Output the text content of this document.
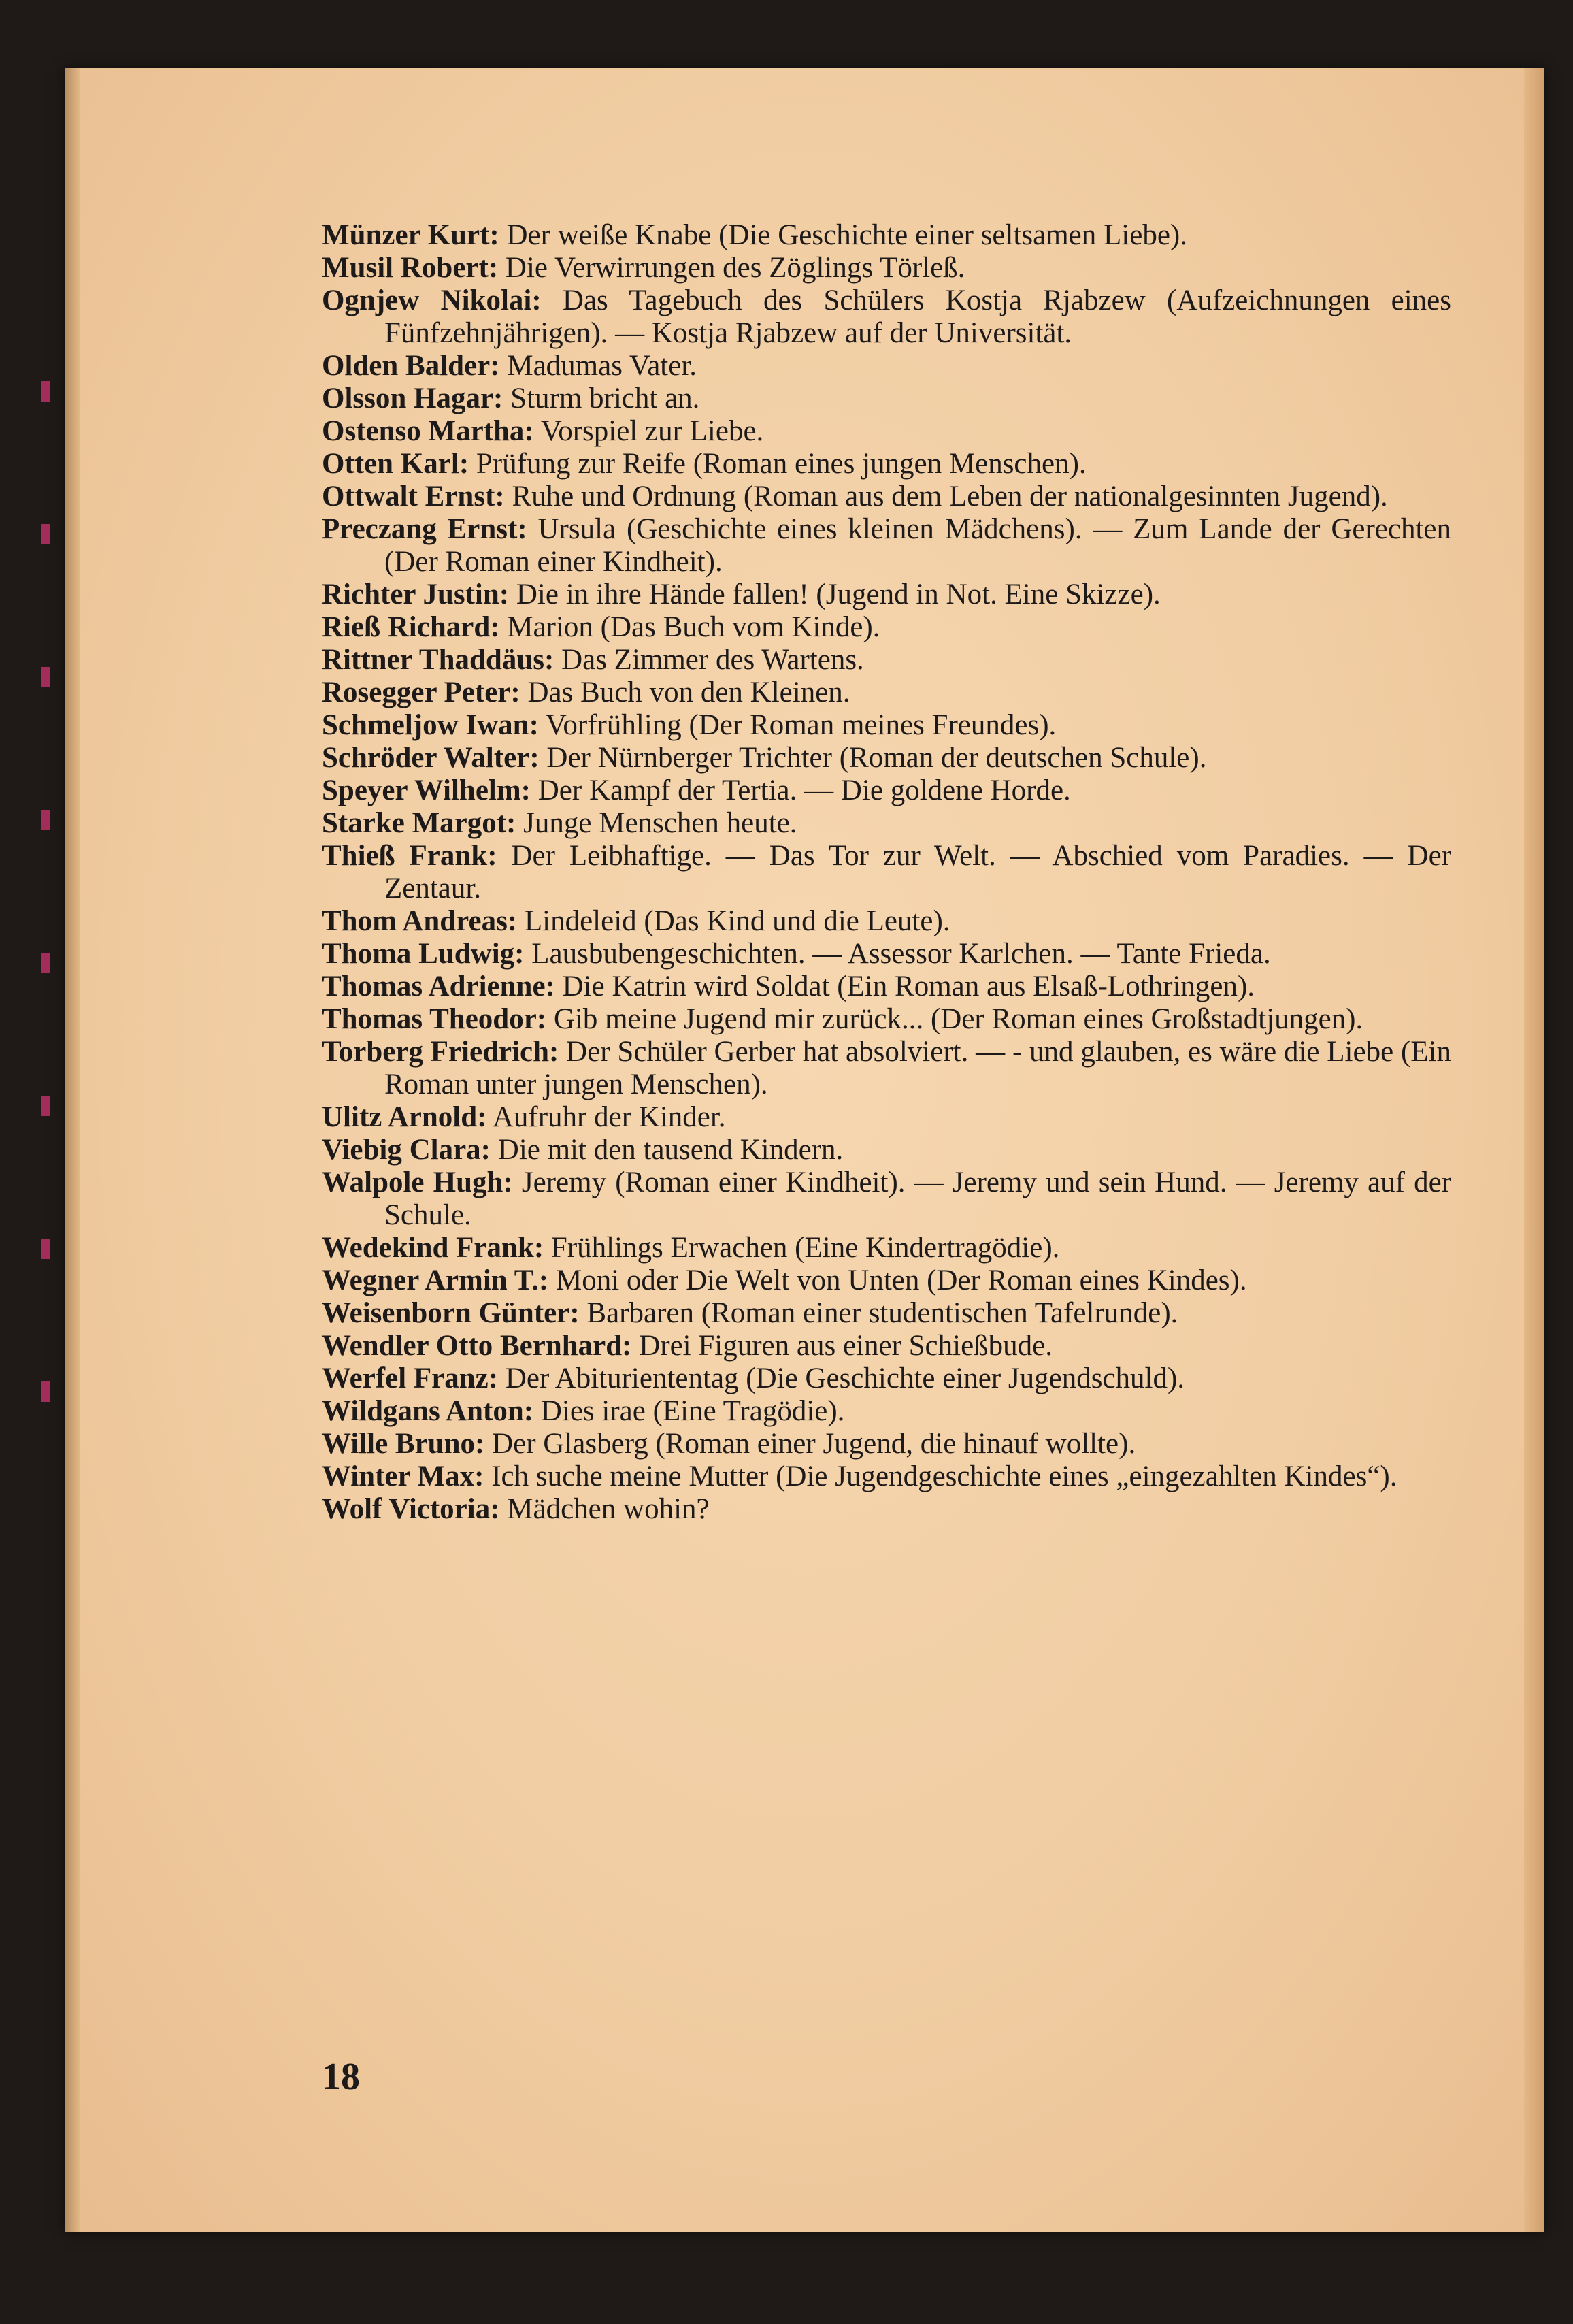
Münzer Kurt: Der weiße Knabe (Die Geschichte einer seltsamen Liebe).

Musil Robert: Die Verwirrungen des Zöglings Törleß.

Ognjew Nikolai: Das Tagebuch des Schülers Kostja Rjabzew (Aufzeichnungen eines Fünfzehnjährigen). — Kostja Rjabzew auf der Universität.

Olden Balder: Madumas Vater.

Olsson Hagar: Sturm bricht an.

Ostenso Martha: Vorspiel zur Liebe.

Otten Karl: Prüfung zur Reife (Roman eines jungen Menschen).

Ottwalt Ernst: Ruhe und Ordnung (Roman aus dem Leben der nationalgesinnten Jugend).

Preczang Ernst: Ursula (Geschichte eines kleinen Mädchens). — Zum Lande der Gerechten (Der Roman einer Kindheit).

Richter Justin: Die in ihre Hände fallen! (Jugend in Not. Eine Skizze).

Rieß Richard: Marion (Das Buch vom Kinde).

Rittner Thaddäus: Das Zimmer des Wartens.

Rosegger Peter: Das Buch von den Kleinen.

Schmeljow Iwan: Vorfrühling (Der Roman meines Freundes).

Schröder Walter: Der Nürnberger Trichter (Roman der deutschen Schule).

Speyer Wilhelm: Der Kampf der Tertia. — Die goldene Horde.

Starke Margot: Junge Menschen heute.

Thieß Frank: Der Leibhaftige. — Das Tor zur Welt. — Abschied vom Paradies. — Der Zentaur.

Thom Andreas: Lindeleid (Das Kind und die Leute).

Thoma Ludwig: Lausbubengeschichten. — Assessor Karlchen. — Tante Frieda.

Thomas Adrienne: Die Katrin wird Soldat (Ein Roman aus Elsaß-Lothringen).

Thomas Theodor: Gib meine Jugend mir zurück... (Der Roman eines Großstadtjungen).

Torberg Friedrich: Der Schüler Gerber hat absolviert. — - und glauben, es wäre die Liebe (Ein Roman unter jungen Menschen).

Ulitz Arnold: Aufruhr der Kinder.

Viebig Clara: Die mit den tausend Kindern.

Walpole Hugh: Jeremy (Roman einer Kindheit). — Jeremy und sein Hund. — Jeremy auf der Schule.

Wedekind Frank: Frühlings Erwachen (Eine Kindertragödie).

Wegner Armin T.: Moni oder Die Welt von Unten (Der Roman eines Kindes).

Weisenborn Günter: Barbaren (Roman einer studentischen Tafelrunde).

Wendler Otto Bernhard: Drei Figuren aus einer Schießbude.

Werfel Franz: Der Abituriententag (Die Geschichte einer Jugendschuld).

Wildgans Anton: Dies irae (Eine Tragödie).

Wille Bruno: Der Glasberg (Roman einer Jugend, die hinauf wollte).

Winter Max: Ich suche meine Mutter (Die Jugendgeschichte eines „eingezahlten Kindes“).

Wolf Victoria: Mädchen wohin?

18
